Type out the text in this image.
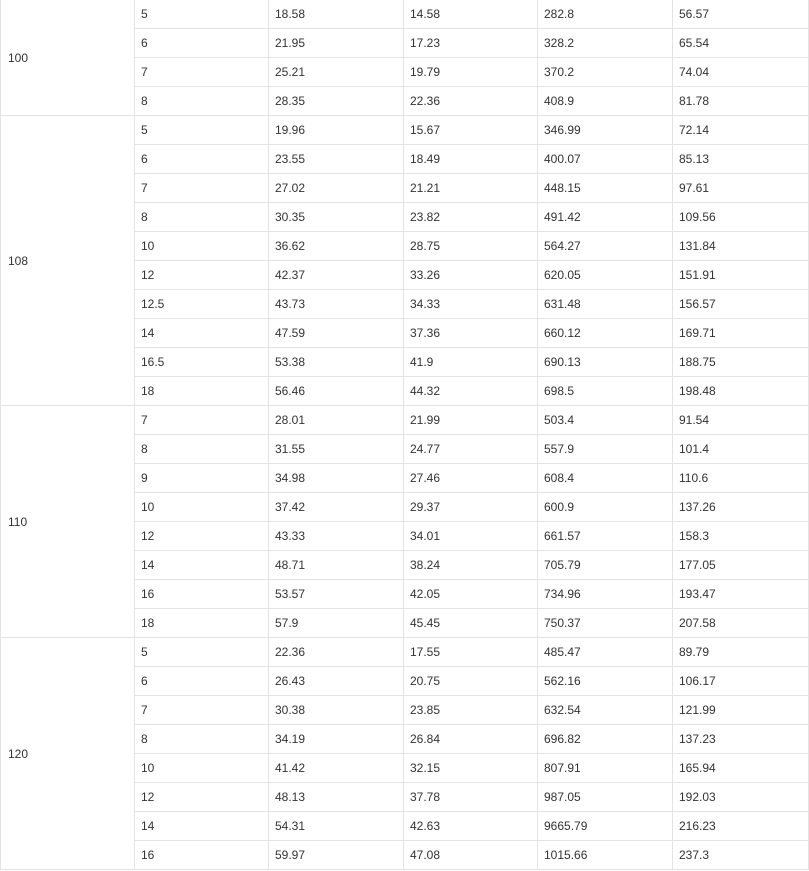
100	5	18.58	14.58	282.8	56.57
	6	21.95	17.23	328.2	65.54
	7	25.21	19.79	370.2	74.04
	8	28.35	22.36	408.9	81.78
108	5	19.96	15.67	346.99	72.14
	6	23.55	18.49	400.07	85.13
	7	27.02	21.21	448.15	97.61
	8	30.35	23.82	491.42	109.56
	10	36.62	28.75	564.27	131.84
	12	42.37	33.26	620.05	151.91
	12.5	43.73	34.33	631.48	156.57
	14	47.59	37.36	660.12	169.71
	16.5	53.38	41.9	690.13	188.75
	18	56.46	44.32	698.5	198.48
110	7	28.01	21.99	503.4	91.54
	8	31.55	24.77	557.9	101.4
	9	34.98	27.46	608.4	110.6
	10	37.42	29.37	600.9	137.26
	12	43.33	34.01	661.57	158.3
	14	48.71	38.24	705.79	177.05
	16	53.57	42.05	734.96	193.47
	18	57.9	45.45	750.37	207.58
120	5	22.36	17.55	485.47	89.79
	6	26.43	20.75	562.16	106.17
	7	30.38	23.85	632.54	121.99
	8	34.19	26.84	696.82	137.23
	10	41.42	32.15	807.91	165.94
	12	48.13	37.78	987.05	192.03
	14	54.31	42.63	9665.79	216.23
	16	59.97	47.08	1015.66	237.3
